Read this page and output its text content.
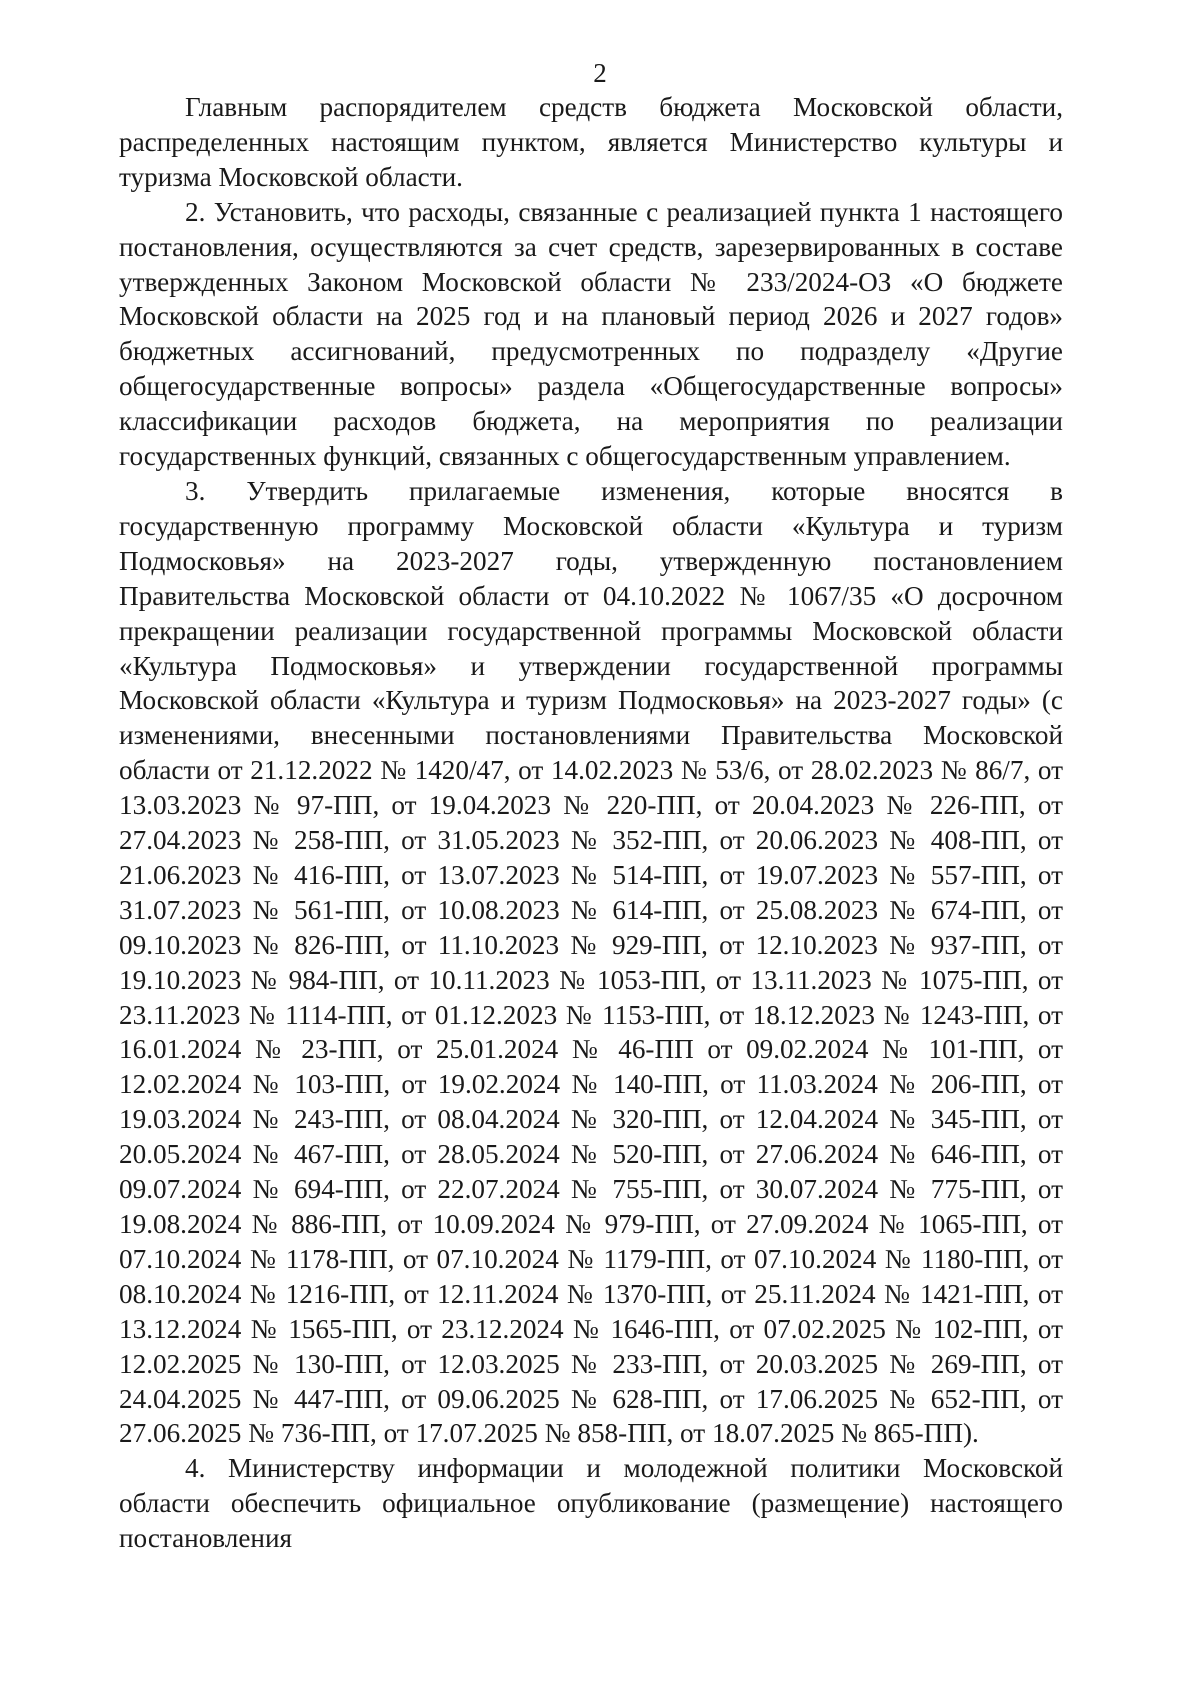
2

Главным распорядителем средств бюджета Московской области, распределенных настоящим пунктом, является Министерство культуры и туризма Московской области.

2. Установить, что расходы, связанные с реализацией пункта 1 настоящего постановления, осуществляются за счет средств, зарезервированных в составе утвержденных Законом Московской области № 233/2024-ОЗ «О бюджете Московской области на 2025 год и на плановый период 2026 и 2027 годов» бюджетных ассигнований, предусмотренных по подразделу «Другие общегосударственные вопросы» раздела «Общегосударственные вопросы» классификации расходов бюджета, на мероприятия по реализации государственных функций, связанных с общегосударственным управлением.

3. Утвердить прилагаемые изменения, которые вносятся в государственную программу Московской области «Культура и туризм Подмосковья» на 2023-2027 годы, утвержденную постановлением Правительства Московской области от 04.10.2022 № 1067/35 «О досрочном прекращении реализации государственной программы Московской области «Культура Подмосковья» и утверждении государственной программы Московской области «Культура и туризм Подмосковья» на 2023-2027 годы» (с изменениями, внесенными постановлениями Правительства Московской области от 21.12.2022 № 1420/47, от 14.02.2023 № 53/6, от 28.02.2023 № 86/7, от 13.03.2023 № 97-ПП, от 19.04.2023 № 220-ПП, от 20.04.2023 № 226-ПП, от 27.04.2023 № 258-ПП, от 31.05.2023 № 352-ПП, от 20.06.2023 № 408-ПП, от 21.06.2023 № 416-ПП, от 13.07.2023 № 514-ПП, от 19.07.2023 № 557-ПП, от 31.07.2023 № 561-ПП, от 10.08.2023 № 614-ПП, от 25.08.2023 № 674-ПП, от 09.10.2023 № 826-ПП, от 11.10.2023 № 929-ПП, от 12.10.2023 № 937-ПП, от 19.10.2023 № 984-ПП, от 10.11.2023 № 1053-ПП, от 13.11.2023 № 1075-ПП, от 23.11.2023 № 1114-ПП, от 01.12.2023 № 1153-ПП, от 18.12.2023 № 1243-ПП, от 16.01.2024 № 23-ПП, от 25.01.2024 № 46-ПП от 09.02.2024 № 101-ПП, от 12.02.2024 № 103-ПП, от 19.02.2024 № 140-ПП, от 11.03.2024 № 206-ПП, от 19.03.2024 № 243-ПП, от 08.04.2024 № 320-ПП, от 12.04.2024 № 345-ПП, от 20.05.2024 № 467-ПП, от 28.05.2024 № 520-ПП, от 27.06.2024 № 646-ПП, от 09.07.2024 № 694-ПП, от 22.07.2024 № 755-ПП, от 30.07.2024 № 775-ПП, от 19.08.2024 № 886-ПП, от 10.09.2024 № 979-ПП, от 27.09.2024 № 1065-ПП, от 07.10.2024 № 1178-ПП, от 07.10.2024 № 1179-ПП, от 07.10.2024 № 1180-ПП, от 08.10.2024 № 1216-ПП, от 12.11.2024 № 1370-ПП, от 25.11.2024 № 1421-ПП, от 13.12.2024 № 1565-ПП, от 23.12.2024 № 1646-ПП, от 07.02.2025 № 102-ПП, от 12.02.2025 № 130-ПП, от 12.03.2025 № 233-ПП, от 20.03.2025 № 269-ПП, от 24.04.2025 № 447-ПП, от 09.06.2025 № 628-ПП, от 17.06.2025 № 652-ПП, от 27.06.2025 № 736-ПП, от 17.07.2025 № 858-ПП, от 18.07.2025 № 865-ПП).

4. Министерству информации и молодежной политики Московской области обеспечить официальное опубликование (размещение) настоящего постановления
